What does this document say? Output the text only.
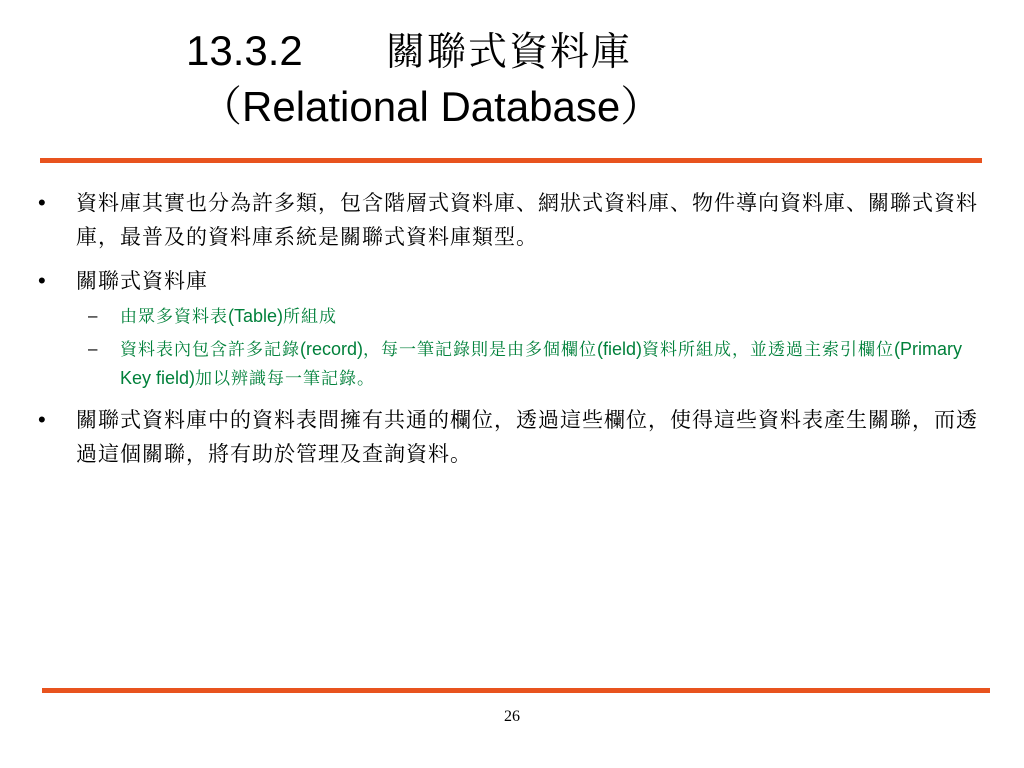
13.3.2 關聯式資料庫
（Relational Database）
• 資料庫其實也分為許多類，包含階層式資料庫、網狀式資料庫、物件導向資料庫、關聯式資料庫，最普及的資料庫系統是關聯式資料庫類型。
• 關聯式資料庫
– 由眾多資料表(Table)所組成
– 資料表內包含許多記錄(record)，每一筆記錄則是由多個欄位(field)資料所組成，並透過主索引欄位(Primary Key field)加以辨識每一筆記錄。
• 關聯式資料庫中的資料表間擁有共通的欄位，透過這些欄位，使得這些資料表產生關聯，而透過這個關聯，將有助於管理及查詢資料。
26
